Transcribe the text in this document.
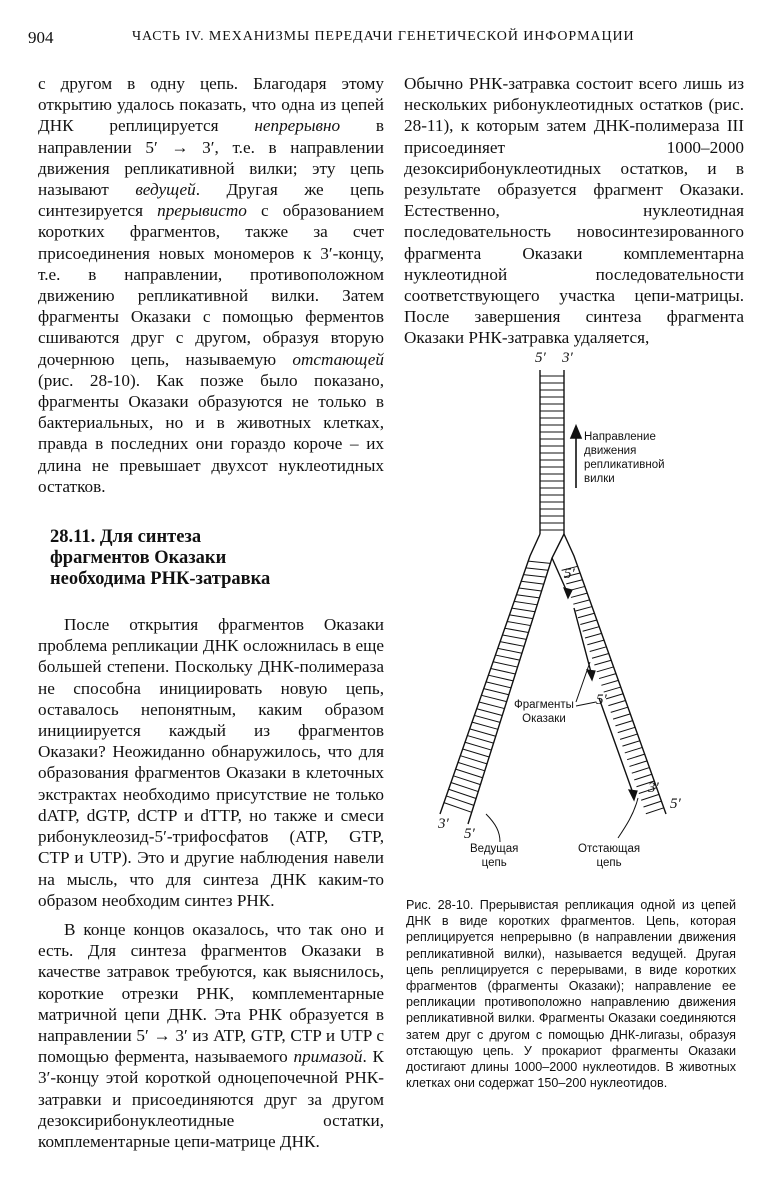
904	ЧАСТЬ IV. МЕХАНИЗМЫ ПЕРЕДАЧИ ГЕНЕТИЧЕСКОЙ ИНФОРМАЦИИ

с другом в одну цепь. Благодаря этому открытию удалось показать, что одна из цепей ДНК реплицируется непрерывно в направлении 5′ → 3′, т.е. в направлении движения репликативной вилки; эту цепь называют ведущей. Другая же цепь синтезируется прерывисто с образованием коротких фрагментов, также за счет присоединения новых мономеров к 3′-концу, т.е. в направлении, противоположном движению репликативной вилки. Затем фрагменты Оказаки с помощью ферментов сшиваются друг с другом, образуя вторую дочернюю цепь, называемую отстающей (рис. 28-10). Как позже было показано, фрагменты Оказаки образуются не только в бактериальных, но и в животных клетках, правда в последних они гораздо короче – их длина не превышает двухсот нуклеотидных остатков.

28.11. Для синтеза
фрагментов Оказаки
необходима РНК-затравка

После открытия фрагментов Оказаки проблема репликации ДНК осложнилась в еще большей степени. Поскольку ДНК-полимераза не способна инициировать новую цепь, оставалось непонятным, каким образом инициируется каждый из фрагментов Оказаки? Неожиданно обнаружилось, что для образования фрагментов Оказаки в клеточных экстрактах необходимо присутствие не только dATP, dGTP, dCTP и dTTP, но также и смеси рибонуклеозид-5′-трифосфатов (ATP, GTP, CTP и UTP). Это и другие наблюдения навели на мысль, что для синтеза ДНК каким-то образом необходим синтез РНК.

В конце концов оказалось, что так оно и есть. Для синтеза фрагментов Оказаки в качестве затравок требуются, как выяснилось, короткие отрезки РНК, комплементарные матричной цепи ДНК. Эта РНК образуется в направлении 5′ → 3′ из ATP, GTP, CTP и UTP с помощью фермента, называемого примазой. К 3′-концу этой короткой одноцепочечной РНК-затравки и присоединяются друг за другом дезоксирибонуклеотидные остатки, комплементарные цепи-матрице ДНК.

Обычно РНК-затравка состоит всего лишь из нескольких рибонуклеотидных остатков (рис. 28-11), к которым затем ДНК-полимераза III присоединяет 1000–2000 дезоксирибонуклеотидных остатков, и в результате образуется фрагмент Оказаки. Естественно, нуклеотидная последовательность новосинтезированного фрагмента Оказаки комплементарна нуклеотидной последовательности соответствующего участка цепи-матрицы. После завершения синтеза фрагмента Оказаки РНК-затравка удаляется,

5′ 3′
Направление
движения
репликативной
вилки
5′
5′
3′
Фрагменты
Оказаки
3′
5′
5′
Ведущая
цепь
Отстающая
цепь

Рис. 28-10. Прерывистая репликация одной из цепей ДНК в виде коротких фрагментов. Цепь, которая реплицируется непрерывно (в направлении движения репликативной вилки), называется ведущей. Другая цепь реплицируется с перерывами, в виде коротких фрагментов (фрагменты Оказаки); направление ее репликации противоположно направлению движения репликативной вилки. Фрагменты Оказаки соединяются затем друг с другом с помощью ДНК-лигазы, образуя отстающую цепь. У прокариот фрагменты Оказаки достигают длины 1000–2000 нуклеотидов. В животных клетках они содержат 150–200 нуклеотидов.
